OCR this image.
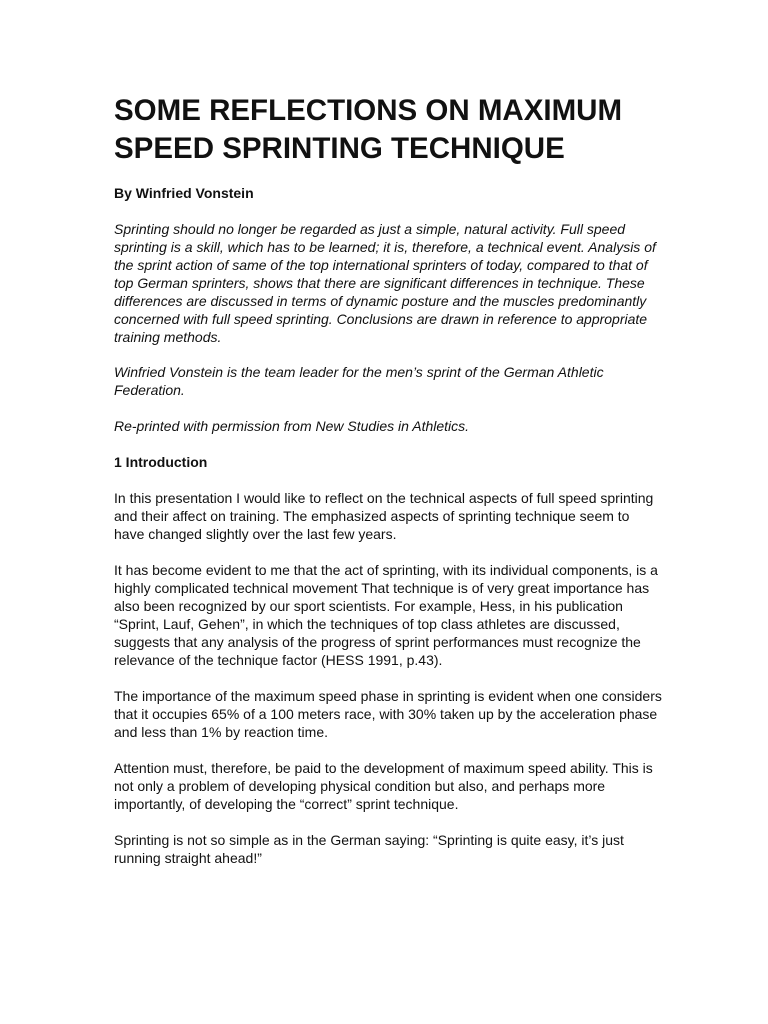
SOME REFLECTIONS ON MAXIMUM SPEED SPRINTING TECHNIQUE
By Winfried Vonstein

Sprinting should no longer be regarded as just a simple, natural activity. Full speed sprinting is a skill, which has to be learned; it is, therefore, a technical event. Analysis of the sprint action of same of the top international sprinters of today, compared to that of top German sprinters, shows that there are significant differences in technique. These differences are discussed in terms of dynamic posture and the muscles predominantly concerned with full speed sprinting. Conclusions are drawn in reference to appropriate training methods.

Winfried Vonstein is the team leader for the men’s sprint of the German Athletic Federation.

Re-printed with permission from New Studies in Athletics.

1 Introduction

In this presentation I would like to reflect on the technical aspects of full speed sprinting and their affect on training. The emphasized aspects of sprinting technique seem to have changed slightly over the last few years.

It has become evident to me that the act of sprinting, with its individual components, is a highly complicated technical movement That technique is of very great importance has also been recognized by our sport scientists. For example, Hess, in his publication “Sprint, Lauf, Gehen”, in which the techniques of top class athletes are discussed, suggests that any analysis of the progress of sprint performances must recognize the relevance of the technique factor (HESS 1991, p.43).

The importance of the maximum speed phase in sprinting is evident when one considers that it occupies 65% of a 100 meters race, with 30% taken up by the acceleration phase and less than 1% by reaction time.

Attention must, therefore, be paid to the development of maximum speed ability. This is not only a problem of developing physical condition but also, and perhaps more importantly, of developing the “correct” sprint technique.

Sprinting is not so simple as in the German saying: “Sprinting is quite easy, it’s just running straight ahead!”
